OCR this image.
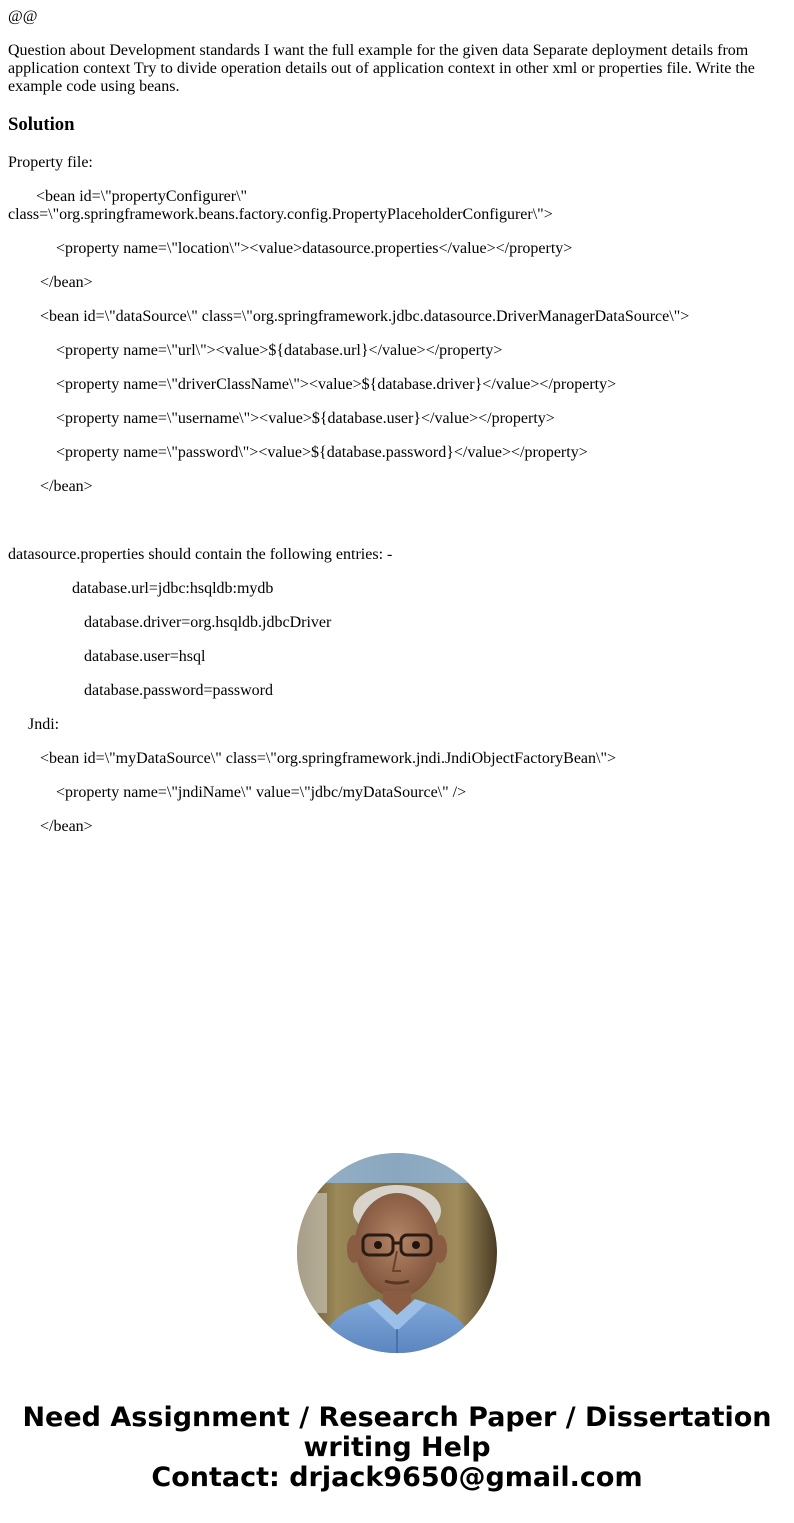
@@

Question about Development standards I want the full example for the given data Separate deployment details from application context Try to divide operation details out of application context in other xml or properties file. Write the example code using beans.

Solution

Property file:

<bean id=\"propertyConfigurer\" class=\"org.springframework.beans.factory.config.PropertyPlaceholderConfigurer\">

<property name=\"location\"><value>datasource.properties</value></property>

</bean>

<bean id=\"dataSource\" class=\"org.springframework.jdbc.datasource.DriverManagerDataSource\">

<property name=\"url\"><value>${database.url}</value></property>

<property name=\"driverClassName\"><value>${database.driver}</value></property>

<property name=\"username\"><value>${database.user}</value></property>

<property name=\"password\"><value>${database.password}</value></property>

</bean>

datasource.properties should contain the following entries: -

database.url=jdbc:hsqldb:mydb

database.driver=org.hsqldb.jdbcDriver

database.user=hsql

database.password=password

Jndi:

<bean id=\"myDataSource\" class=\"org.springframework.jndi.JndiObjectFactoryBean\">

<property name=\"jndiName\" value=\"jdbc/myDataSource\" />

</bean>

Need Assignment / Research Paper / Dissertation
writing Help
Contact: drjack9650@gmail.com
